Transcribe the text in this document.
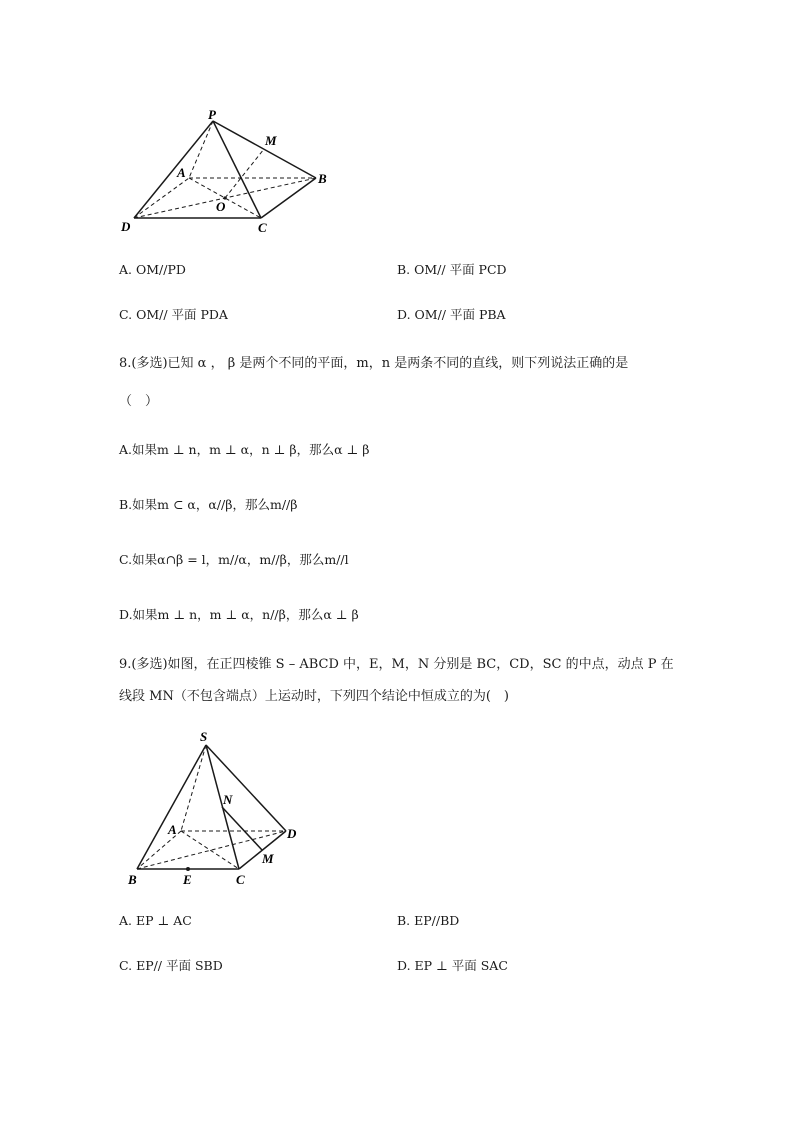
P
M
A	B
O
D	C
A. OM//PD	B. OM// 平面 PCD
C. OM// 平面 PDA	D. OM// 平面 PBA
8.(多选)已知 α ， β 是两个不同的平面，m，n 是两条不同的直线，则下列说法正确的是
（　）
A.如果m ⊥ n，m ⊥ α，n ⊥ β，那么α ⊥ β
B.如果m ⊂ α，α//β，那么m//β
C.如果α∩β = l，m//α，m//β，那么m//l
D.如果m ⊥ n，m ⊥ α，n//β，那么α ⊥ β
9.(多选)如图，在正四棱锥 S – ABCD 中，E，M，N 分别是 BC，CD，SC 的中点，动点 P 在
线段 MN（不包含端点）上运动时，下列四个结论中恒成立的为(　)
S
N
A	D
M
B	E	C
A. EP ⊥ AC	B. EP//BD
C. EP// 平面 SBD	D. EP ⊥ 平面 SAC
